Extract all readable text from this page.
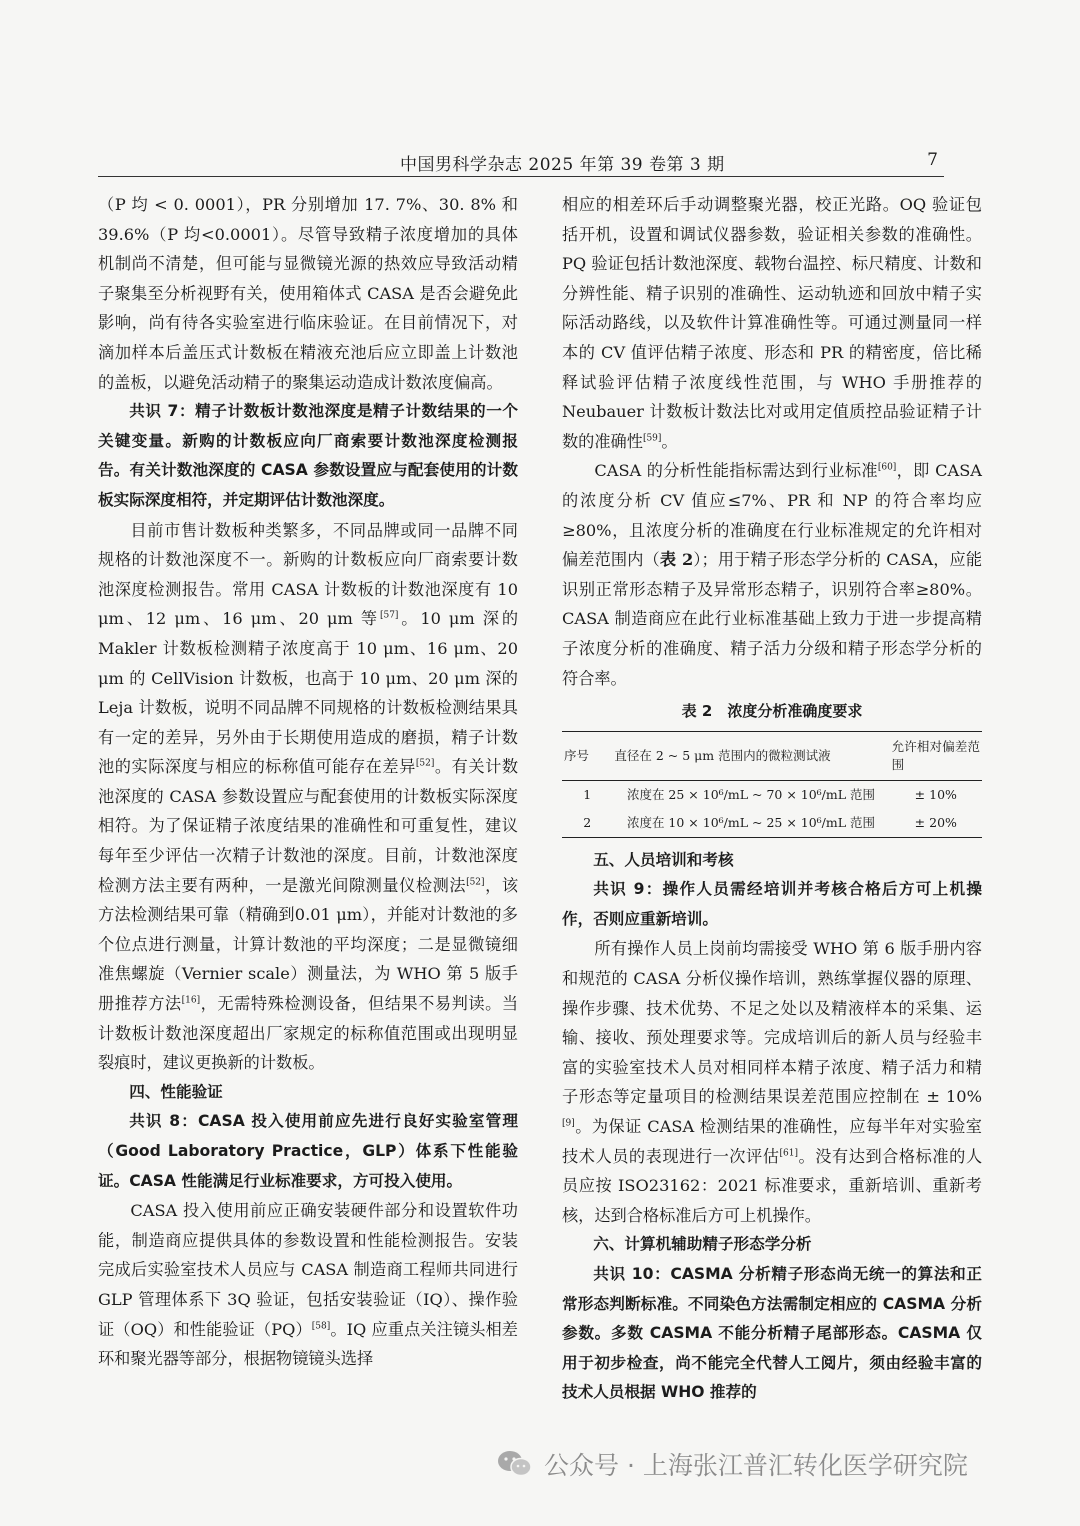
中国男科学杂志 2025 年第 39 卷第 3 期	7

（P 均 < 0. 0001），PR 分别增加 17. 7%、30. 8% 和 39.6%（P 均<0.0001）。尽管导致精子浓度增加的具体机制尚不清楚，但可能与显微镜光源的热效应导致活动精子聚集至分析视野有关，使用箱体式 CASA 是否会避免此影响，尚有待各实验室进行临床验证。在目前情况下，对滴加样本后盖压式计数板在精液充池后应立即盖上计数池的盖板，以避免活动精子的聚集运动造成计数浓度偏高。

共识 7：精子计数板计数池深度是精子计数结果的一个关键变量。新购的计数板应向厂商索要计数池深度检测报告。有关计数池深度的 CASA 参数设置应与配套使用的计数板实际深度相符，并定期评估计数池深度。

目前市售计数板种类繁多，不同品牌或同一品牌不同规格的计数池深度不一。新购的计数板应向厂商索要计数池深度检测报告。常用 CASA 计数板的计数池深度有 10 μm、12 μm、16 μm、20 μm 等[57]。10 μm 深的 Makler 计数板检测精子浓度高于 10 μm、16 μm、20 μm 的 CellVision 计数板，也高于 10 μm、20 μm 深的 Leja 计数板，说明不同品牌不同规格的计数板检测结果具有一定的差异，另外由于长期使用造成的磨损，精子计数池的实际深度与相应的标称值可能存在差异[52]。有关计数池深度的 CASA 参数设置应与配套使用的计数板实际深度相符。为了保证精子浓度结果的准确性和可重复性，建议每年至少评估一次精子计数池的深度。目前，计数池深度检测方法主要有两种，一是激光间隙测量仪检测法[52]，该方法检测结果可靠（精确到0.01 μm），并能对计数池的多个位点进行测量，计算计数池的平均深度；二是显微镜细准焦螺旋（Vernier scale）测量法，为 WHO 第 5 版手册推荐方法[16]，无需特殊检测设备，但结果不易判读。当计数板计数池深度超出厂家规定的标称值范围或出现明显裂痕时，建议更换新的计数板。

四、性能验证

共识 8：CASA 投入使用前应先进行良好实验室管理（Good Laboratory Practice，GLP）体系下性能验证。CASA 性能满足行业标准要求，方可投入使用。

CASA 投入使用前应正确安装硬件部分和设置软件功能，制造商应提供具体的参数设置和性能检测报告。安装完成后实验室技术人员应与 CASA 制造商工程师共同进行 GLP 管理体系下 3Q 验证，包括安装验证（IQ）、操作验证（OQ）和性能验证（PQ）[58]。IQ 应重点关注镜头相差环和聚光器等部分，根据物镜镜头选择

相应的相差环后手动调整聚光器，校正光路。OQ 验证包括开机，设置和调试仪器参数，验证相关参数的准确性。PQ 验证包括计数池深度、载物台温控、标尺精度、计数和分辨性能、精子识别的准确性、运动轨迹和回放中精子实际活动路线，以及软件计算准确性等。可通过测量同一样本的 CV 值评估精子浓度、形态和 PR 的精密度，倍比稀释试验评估精子浓度线性范围，与 WHO 手册推荐的 Neubauer 计数板计数法比对或用定值质控品验证精子计数的准确性[59]。

CASA 的分析性能指标需达到行业标准[60]，即 CASA 的浓度分析 CV 值应≤7%、PR 和 NP 的符合率均应≥80%，且浓度分析的准确度在行业标准规定的允许相对偏差范围内（表 2）；用于精子形态学分析的 CASA，应能识别正常形态精子及异常形态精子，识别符合率≥80%。CASA 制造商应在此行业标准基础上致力于进一步提高精子浓度分析的准确度、精子活力分级和精子形态学分析的符合率。

表 2　浓度分析准确度要求
序号	直径在 2 ~ 5 μm 范围内的微粒测试液	允许相对偏差范围
1	浓度在 25 × 10⁶/mL ~ 70 × 10⁶/mL 范围	± 10%
2	浓度在 10 × 10⁶/mL ~ 25 × 10⁶/mL 范围	± 20%

五、人员培训和考核

共识 9：操作人员需经培训并考核合格后方可上机操作，否则应重新培训。

所有操作人员上岗前均需接受 WHO 第 6 版手册内容和规范的 CASA 分析仪操作培训，熟练掌握仪器的原理、操作步骤、技术优势、不足之处以及精液样本的采集、运输、接收、预处理要求等。完成培训后的新人员与经验丰富的实验室技术人员对相同样本精子浓度、精子活力和精子形态等定量项目的检测结果误差范围应控制在 ± 10%[9]。为保证 CASA 检测结果的准确性，应每半年对实验室技术人员的表现进行一次评估[61]。没有达到合格标准的人员应按 ISO23162：2021 标准要求，重新培训、重新考核，达到合格标准后方可上机操作。

六、计算机辅助精子形态学分析

共识 10：CASMA 分析精子形态尚无统一的算法和正常形态判断标准。不同染色方法需制定相应的 CASMA 分析参数。多数 CASMA 不能分析精子尾部形态。CASMA 仅用于初步检查，尚不能完全代替人工阅片，须由经验丰富的技术人员根据 WHO 推荐的

公众号 · 上海张江普汇转化医学研究院
